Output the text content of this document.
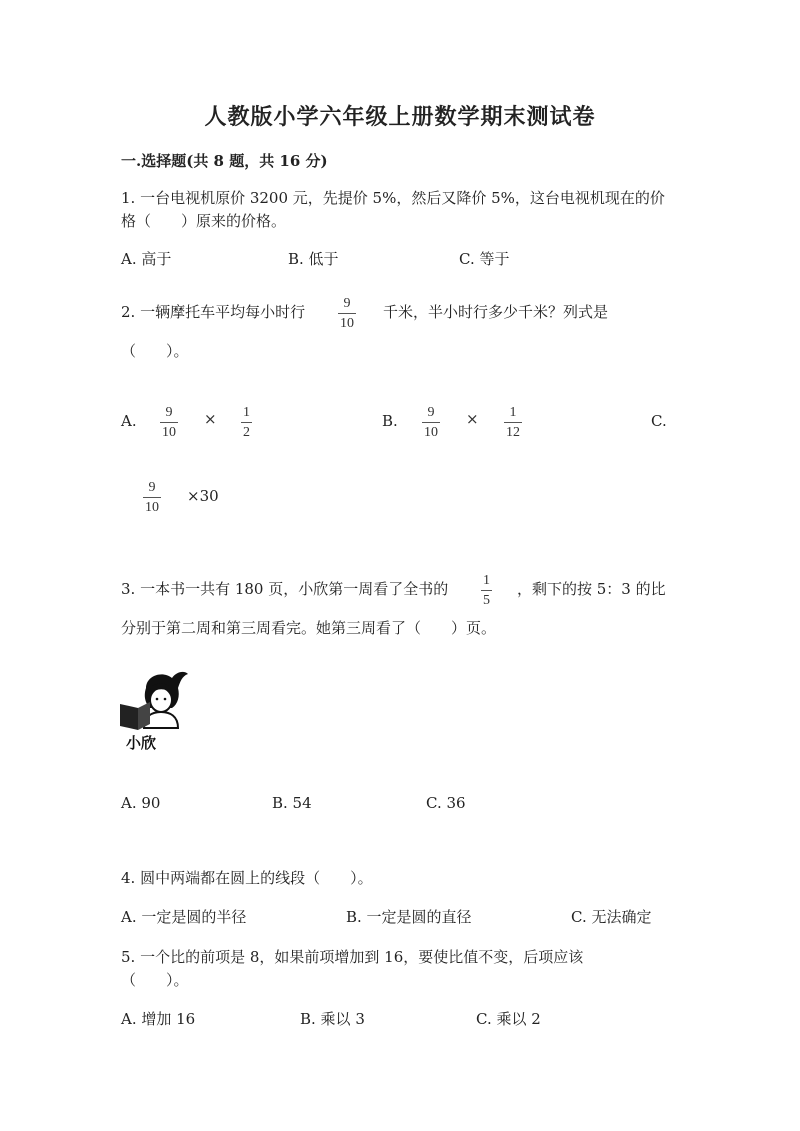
人教版小学六年级上册数学期末测试卷
一.选择题(共 8 题，共 16 分)
1. 一台电视机原价 3200 元，先提价 5%，然后又降价 5%，这台电视机现在的价
格（　　）原来的价格。
A. 高于	B. 低于	C. 等于
2. 一辆摩托车平均每小时行	9
10
千米，半小时行多少千米？列式是
（　　）。
A. 9
10
× 1
2
B. 9
10
× 1
12
C.
9
10
×30
3. 一本书一共有 180 页，小欣第一周看了全书的 1
5
，剩下的按 5：3 的比
分别于第二周和第三周看完。她第三周看了（　　）页。
小欣
A. 90	B. 54	C. 36
4. 圆中两端都在圆上的线段（　　）。
A. 一定是圆的半径	B. 一定是圆的直径	C. 无法确定
5. 一个比的前项是 8，如果前项增加到 16，要使比值不变，后项应该
（　　）。
A. 增加 16	B. 乘以 3	C. 乘以 2
